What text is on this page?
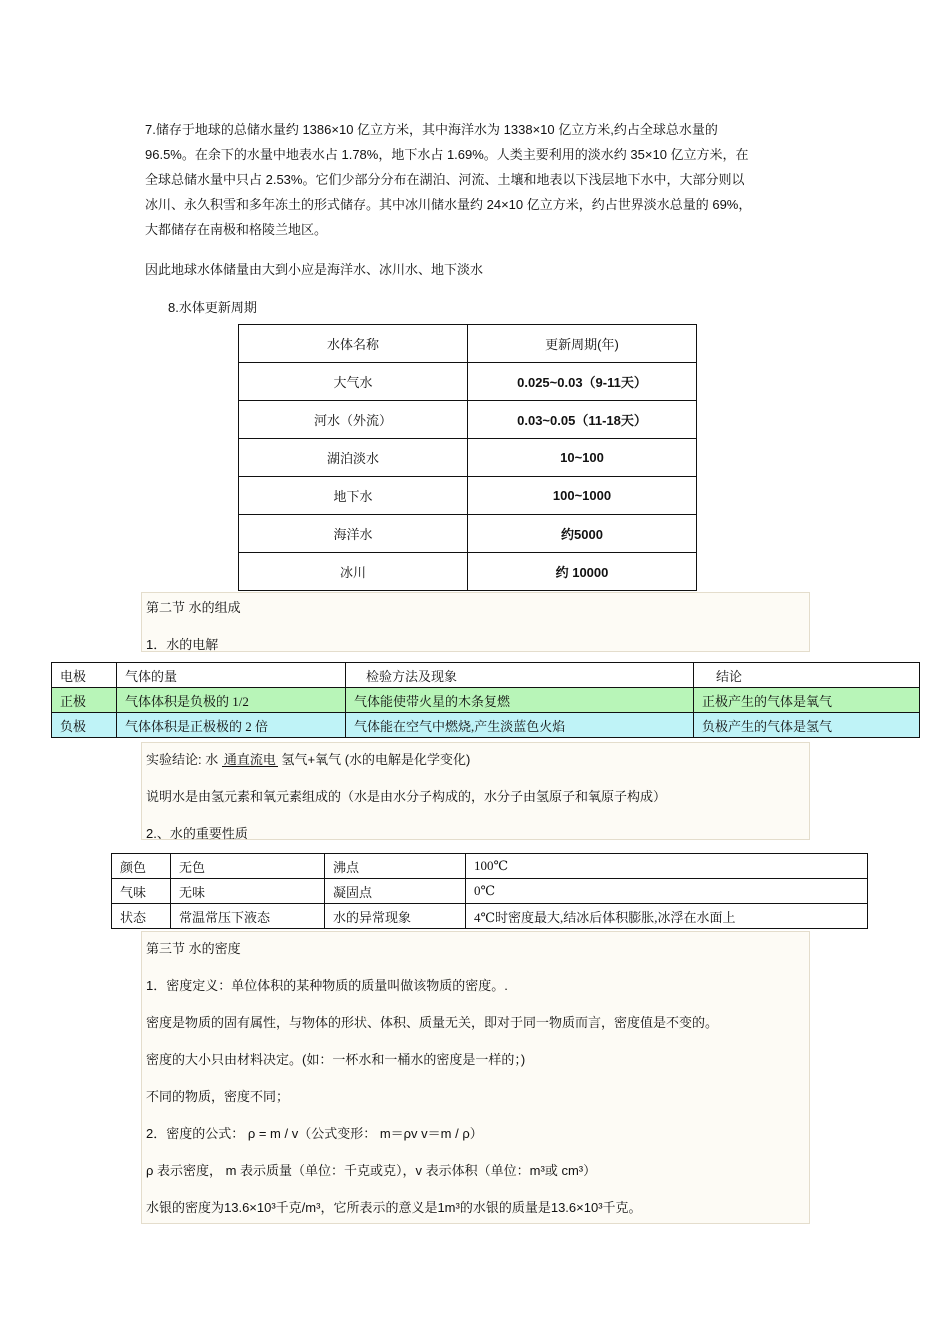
7.储存于地球的总储水量约 1386×10 亿立方米，其中海洋水为 1338×10 亿立方米,约占全球总水量的
96.5%。在余下的水量中地表水占 1.78%，地下水占 1.69%。人类主要利用的淡水约 35×10 亿立方米，在
全球总储水量中只占 2.53%。它们少部分分布在湖泊、河流、土壤和地表以下浅层地下水中，大部分则以
冰川、永久积雪和多年冻土的形式储存。其中冰川储水量约 24×10 亿立方米，约占世界淡水总量的 69%，
大都储存在南极和格陵兰地区。
因此地球水体储量由大到小应是海洋水、冰川水、地下淡水
8.水体更新周期
水体名称	更新周期(年)
大气水	0.025~0.03（9-11天）
河水（外流）	0.03~0.05（11-18天）
湖泊淡水	10~100
地下水	100~1000
海洋水	约5000
冰川	约 10000
第二节 水的组成
1．水的电解
电极	气体的量	检验方法及现象	结论
正极	气体体积是负极的 1/2	气体能使带火星的木条复燃	正极产生的气体是氧气
负极	气体体积是正极极的 2 倍	气体能在空气中燃烧,产生淡蓝色火焰	负极产生的气体是氢气
实验结论: 水 通直流电 氢气+氧气 (水的电解是化学变化)
说明水是由氢元素和氧元素组成的（水是由水分子构成的，水分子由氢原子和氧原子构成）
2.、水的重要性质
颜色	无色	沸点	100℃
气味	无味	凝固点	0℃
状态	常温常压下液态	水的异常现象	4℃时密度最大,结冰后体积膨胀,冰浮在水面上
第三节 水的密度
1．密度定义：单位体积的某种物质的质量叫做该物质的密度。.
密度是物质的固有属性，与物体的形状、体积、质量无关，即对于同一物质而言，密度值是不变的。
密度的大小只由材料决定。(如：一杯水和一桶水的密度是一样的；)
不同的物质，密度不同；
2．密度的公式： ρ = m / v（公式变形： m＝ρv v＝m / ρ）
ρ 表示密度， m 表示质量（单位：千克或克），v 表示体积（单位：m³或 cm³）
水银的密度为13.6×10³千克/m³，它所表示的意义是1m³的水银的质量是13.6×10³千克。
